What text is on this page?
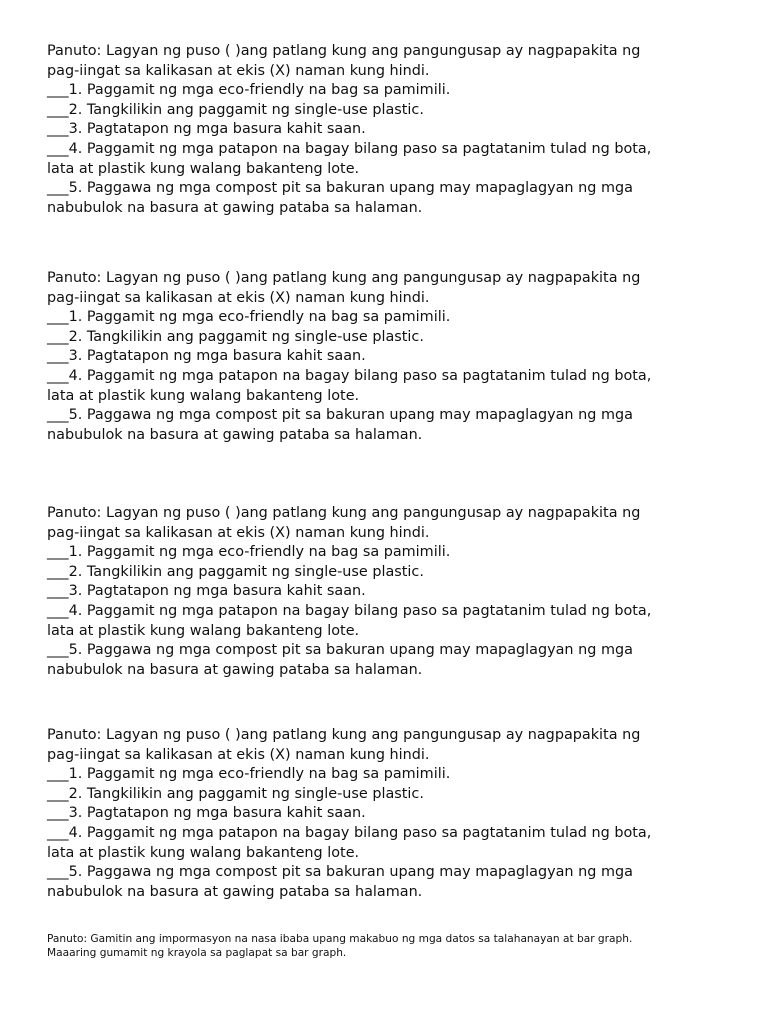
Panuto: Lagyan ng puso ( )ang patlang kung ang pangungusap ay nagpapakita ng

pag-iingat sa kalikasan at ekis (X) naman kung hindi.

___1. Paggamit ng mga eco-friendly na bag sa pamimili.

___2. Tangkilikin ang paggamit ng single-use plastic.

___3. Pagtatapon ng mga basura kahit saan.

___4. Paggamit ng mga patapon na bagay bilang paso sa pagtatanim tulad ng bota,

lata at plastik kung walang bakanteng lote.

___5. Paggawa ng mga compost pit sa bakuran upang may mapaglagyan ng mga

nabubulok na basura at gawing pataba sa halaman.

Panuto: Lagyan ng puso ( )ang patlang kung ang pangungusap ay nagpapakita ng

pag-iingat sa kalikasan at ekis (X) naman kung hindi.

___1. Paggamit ng mga eco-friendly na bag sa pamimili.

___2. Tangkilikin ang paggamit ng single-use plastic.

___3. Pagtatapon ng mga basura kahit saan.

___4. Paggamit ng mga patapon na bagay bilang paso sa pagtatanim tulad ng bota,

lata at plastik kung walang bakanteng lote.

___5. Paggawa ng mga compost pit sa bakuran upang may mapaglagyan ng mga

nabubulok na basura at gawing pataba sa halaman.

Panuto: Lagyan ng puso ( )ang patlang kung ang pangungusap ay nagpapakita ng

pag-iingat sa kalikasan at ekis (X) naman kung hindi.

___1. Paggamit ng mga eco-friendly na bag sa pamimili.

___2. Tangkilikin ang paggamit ng single-use plastic.

___3. Pagtatapon ng mga basura kahit saan.

___4. Paggamit ng mga patapon na bagay bilang paso sa pagtatanim tulad ng bota,

lata at plastik kung walang bakanteng lote.

___5. Paggawa ng mga compost pit sa bakuran upang may mapaglagyan ng mga

nabubulok na basura at gawing pataba sa halaman.

Panuto: Lagyan ng puso ( )ang patlang kung ang pangungusap ay nagpapakita ng

pag-iingat sa kalikasan at ekis (X) naman kung hindi.

___1. Paggamit ng mga eco-friendly na bag sa pamimili.

___2. Tangkilikin ang paggamit ng single-use plastic.

___3. Pagtatapon ng mga basura kahit saan.

___4. Paggamit ng mga patapon na bagay bilang paso sa pagtatanim tulad ng bota,

lata at plastik kung walang bakanteng lote.

___5. Paggawa ng mga compost pit sa bakuran upang may mapaglagyan ng mga

nabubulok na basura at gawing pataba sa halaman.

Panuto: Gamitin ang impormasyon na nasa ibaba upang makabuo ng mga datos sa talahanayan at bar graph.

Maaaring gumamit ng krayola sa paglapat sa bar graph.
